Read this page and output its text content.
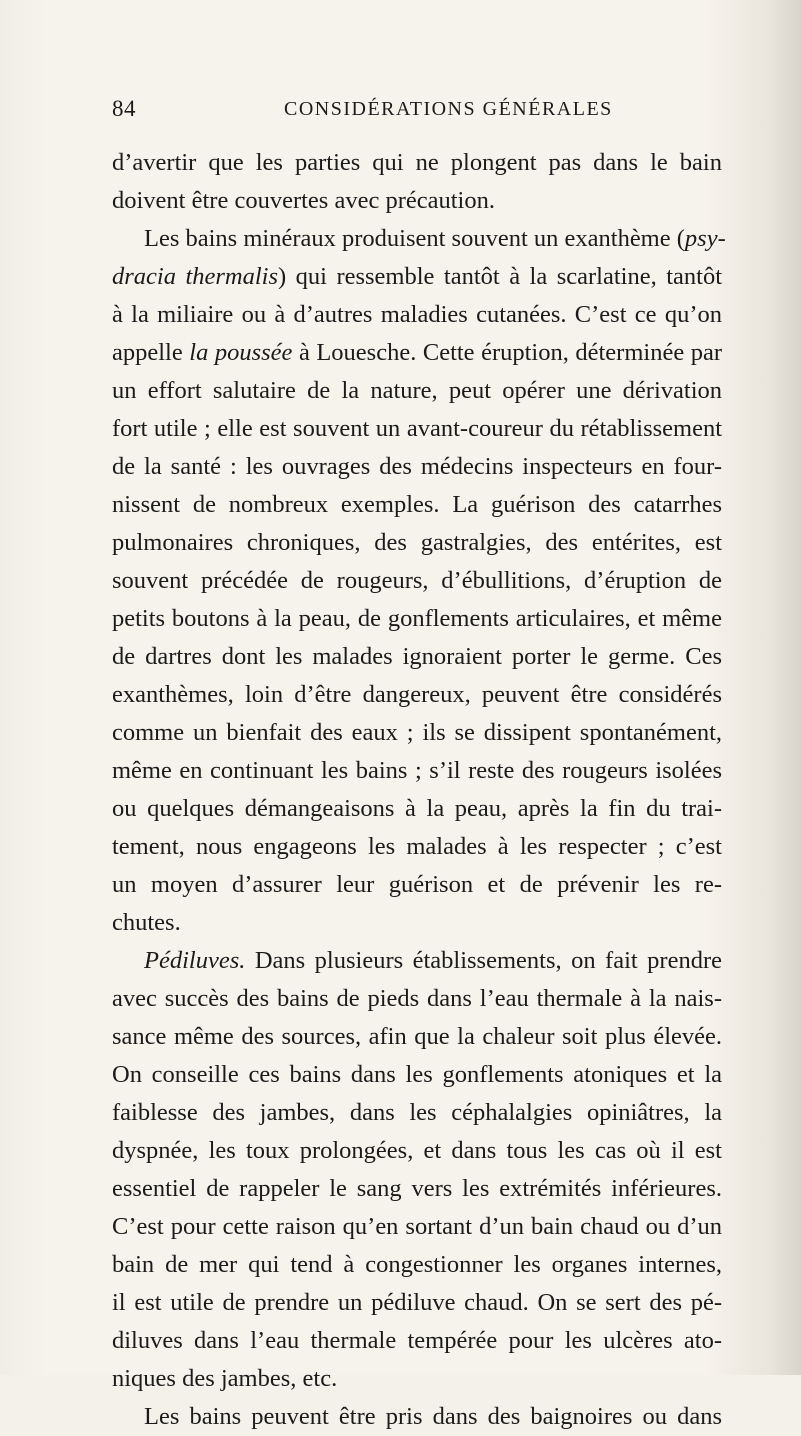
84	CONSIDÉRATIONS GÉNÉRALES
d’avertir que les parties qui ne plongent pas dans le bain
doivent être couvertes avec précaution.
Les bains minéraux produisent souvent un exanthème (psy-
dracia thermalis) qui ressemble tantôt à la scarlatine, tantôt
à la miliaire ou à d’autres maladies cutanées. C’est ce qu’on
appelle la poussée à Louesche. Cette éruption, déterminée par
un effort salutaire de la nature, peut opérer une dérivation
fort utile ; elle est souvent un avant-coureur du rétablissement
de la santé : les ouvrages des médecins inspecteurs en four-
nissent de nombreux exemples. La guérison des catarrhes
pulmonaires chroniques, des gastralgies, des entérites, est
souvent précédée de rougeurs, d’ébullitions, d’éruption de
petits boutons à la peau, de gonflements articulaires, et même
de dartres dont les malades ignoraient porter le germe. Ces
exanthèmes, loin d’être dangereux, peuvent être considérés
comme un bienfait des eaux ; ils se dissipent spontanément,
même en continuant les bains ; s’il reste des rougeurs isolées
ou quelques démangeaisons à la peau, après la fin du trai-
tement, nous engageons les malades à les respecter ; c’est
un moyen d’assurer leur guérison et de prévenir les re-
chutes.
Pédiluves. Dans plusieurs établissements, on fait prendre
avec succès des bains de pieds dans l’eau thermale à la nais-
sance même des sources, afin que la chaleur soit plus élevée.
On conseille ces bains dans les gonflements atoniques et la
faiblesse des jambes, dans les céphalalgies opiniâtres, la
dyspnée, les toux prolongées, et dans tous les cas où il est
essentiel de rappeler le sang vers les extrémités inférieures.
C’est pour cette raison qu’en sortant d’un bain chaud ou d’un
bain de mer qui tend à congestionner les organes internes,
il est utile de prendre un pédiluve chaud. On se sert des pé-
diluves dans l’eau thermale tempérée pour les ulcères ato-
niques des jambes, etc.
Les bains peuvent être pris dans des baignoires ou dans
